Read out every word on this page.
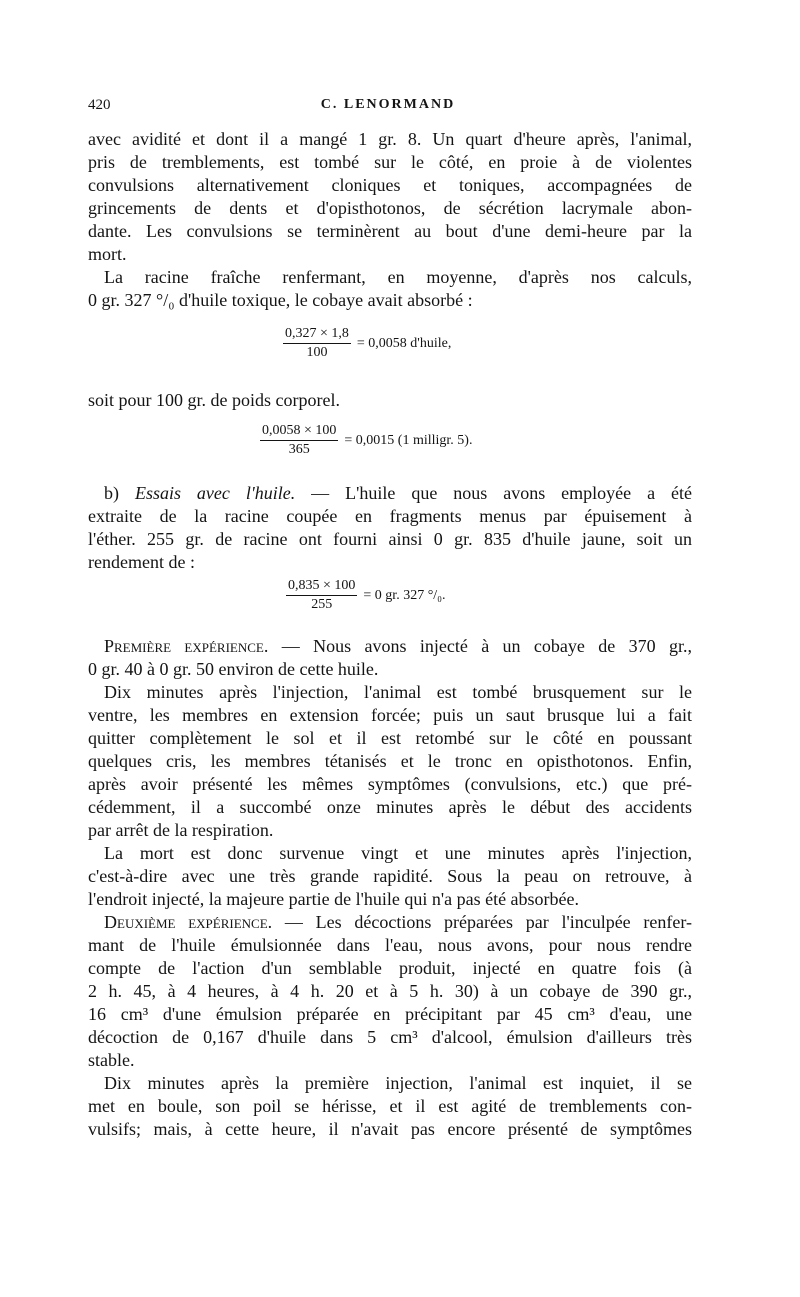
420	C. LENORMAND
avec avidité et dont il a mangé 1 gr. 8. Un quart d'heure après, l'animal,
pris de tremblements, est tombé sur le côté, en proie à de violentes
convulsions alternativement cloniques et toniques, accompagnées de
grincements de dents et d'opisthotonos, de sécrétion lacrymale abon-
dante. Les convulsions se terminèrent au bout d'une demi-heure par la
mort.
La racine fraîche renfermant, en moyenne, d'après nos calculs,
0 gr. 327 °/₀ d'huile toxique, le cobaye avait absorbé :
$\frac{0,327 \times 1,8}{100} = 0,0058$ d'huile,
soit pour 100 gr. de poids corporel.
$\frac{0,0058 \times 100}{365} = 0,0015$ (1 milligr. 5).
b) Essais avec l'huile. — L'huile que nous avons employée a été
extraite de la racine coupée en fragments menus par épuisement à
l'éther. 255 gr. de racine ont fourni ainsi 0 gr. 835 d'huile jaune, soit un
rendement de :
$\frac{0,835 \times 100}{255} = 0$ gr. 327 °/₀.
Première expérience. — Nous avons injecté à un cobaye de 370 gr.,
0 gr. 40 à 0 gr. 50 environ de cette huile.
Dix minutes après l'injection, l'animal est tombé brusquement sur le
ventre, les membres en extension forcée; puis un saut brusque lui a fait
quitter complètement le sol et il est retombé sur le côté en poussant
quelques cris, les membres tétanisés et le tronc en opisthotonos. Enfin,
après avoir présenté les mêmes symptômes (convulsions, etc.) que pré-
cédemment, il a succombé onze minutes après le début des accidents
par arrêt de la respiration.
La mort est donc survenue vingt et une minutes après l'injection,
c'est-à-dire avec une très grande rapidité. Sous la peau on retrouve, à
l'endroit injecté, la majeure partie de l'huile qui n'a pas été absorbée.
Deuxième expérience. — Les décoctions préparées par l'inculpée renfer-
mant de l'huile émulsionnée dans l'eau, nous avons, pour nous rendre
compte de l'action d'un semblable produit, injecté en quatre fois (à
2 h. 45, à 4 heures, à 4 h. 20 et à 5 h. 30) à un cobaye de 390 gr.,
16 cm³ d'une émulsion préparée en précipitant par 45 cm³ d'eau, une
décoction de 0,167 d'huile dans 5 cm³ d'alcool, émulsion d'ailleurs très
stable.
Dix minutes après la première injection, l'animal est inquiet, il se
met en boule, son poil se hérisse, et il est agité de tremblements con-
vulsifs; mais, à cette heure, il n'avait pas encore présenté de symptômes
